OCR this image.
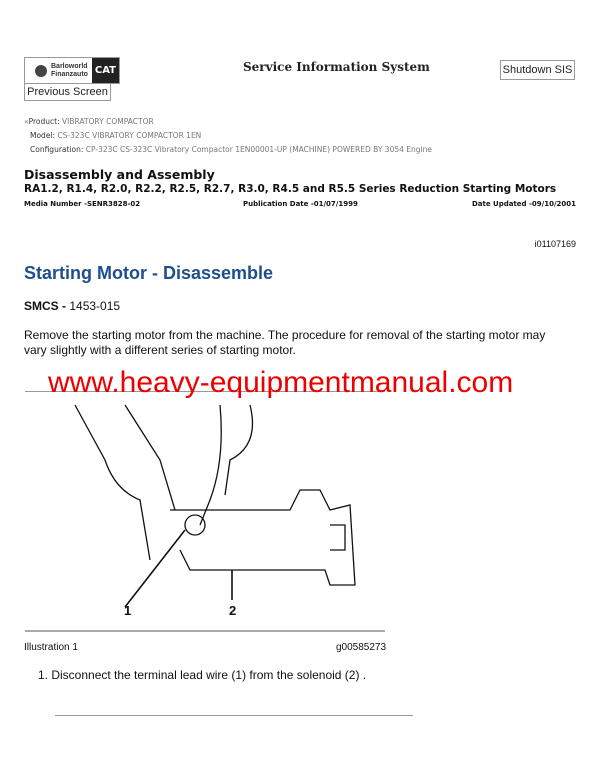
Barloworld
Finanzauto CAT	Service Information System	Shutdown SIS
Previous Screen
«Product: VIBRATORY COMPACTOR
Model: CS-323C VIBRATORY COMPACTOR 1EN
Configuration: CP-323C CS-323C Vibratory Compactor 1EN00001-UP (MACHINE) POWERED BY 3054 Engine
Disassembly and Assembly
RA1.2, R1.4, R2.0, R2.2, R2.5, R2.7, R3.0, R4.5 and R5.5 Series Reduction Starting Motors
Media Number -SENR3828-02	Publication Date -01/07/1999	Date Updated -09/10/2001
i01107169
Starting Motor - Disassemble
SMCS - 1453-015
Remove the starting motor from the machine. The procedure for removal of the starting motor may vary slightly with a different series of starting motor.
www.heavy-equipmentmanual.com
1	2
Illustration 1	g00585273
1. Disconnect the terminal lead wire (1) from the solenoid (2) .
